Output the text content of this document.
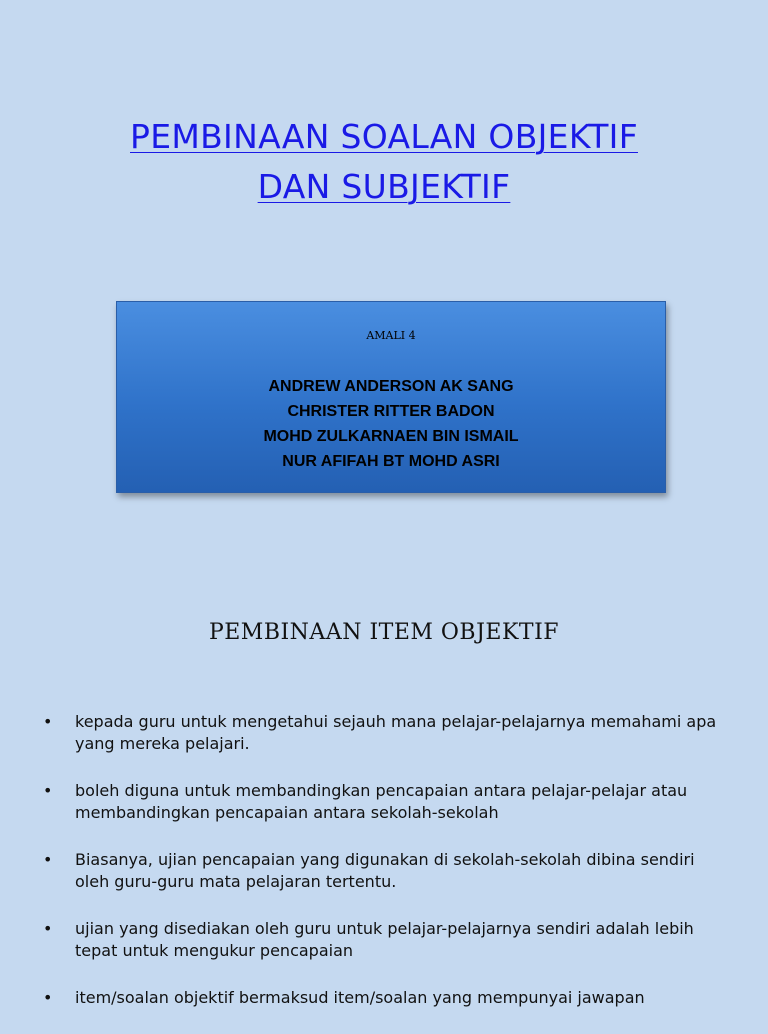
PEMBINAAN SOALAN OBJEKTIF
DAN SUBJEKTIF
AMALI 4
ANDREW ANDERSON AK SANG
CHRISTER RITTER BADON
MOHD ZULKARNAEN BIN ISMAIL
NUR AFIFAH BT MOHD ASRI
PEMBINAAN ITEM OBJEKTIF
• kepada guru untuk mengetahui sejauh mana pelajar-pelajarnya memahami apa yang mereka pelajari.
• boleh diguna untuk membandingkan pencapaian antara pelajar-pelajar atau membandingkan pencapaian antara sekolah-sekolah
• Biasanya, ujian pencapaian yang digunakan di sekolah-sekolah dibina sendiri oleh guru-guru mata pelajaran tertentu.
• ujian yang disediakan oleh guru untuk pelajar-pelajarnya sendiri adalah lebih tepat untuk mengukur pencapaian
• item/soalan objektif bermaksud item/soalan yang mempunyai jawapan
